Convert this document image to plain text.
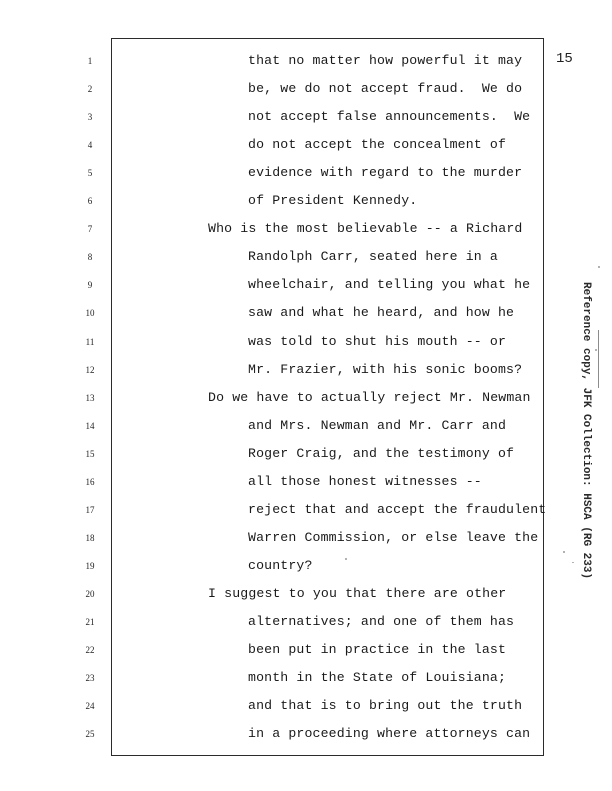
15
1	that no matter how powerful it may
2	be, we do not accept fraud.  We do
3	not accept false announcements.  We
4	do not accept the concealment of
5	evidence with regard to the murder
6	of President Kennedy.
7	Who is the most believable -- a Richard
8	Randolph Carr, seated here in a
9	wheelchair, and telling you what he
10	saw and what he heard, and how he
11	was told to shut his mouth -- or
12	Mr. Frazier, with his sonic booms?
13	Do we have to actually reject Mr. Newman
14	and Mrs. Newman and Mr. Carr and
15	Roger Craig, and the testimony of
16	all those honest witnesses --
17	reject that and accept the fraudulent
18	Warren Commission, or else leave the
19	country?
20	I suggest to you that there are other
21	alternatives; and one of them has
22	been put in practice in the last
23	month in the State of Louisiana;
24	and that is to bring out the truth
25	in a proceeding where attorneys can
Reference copy, JFK Collection: HSCA (RG 233)
